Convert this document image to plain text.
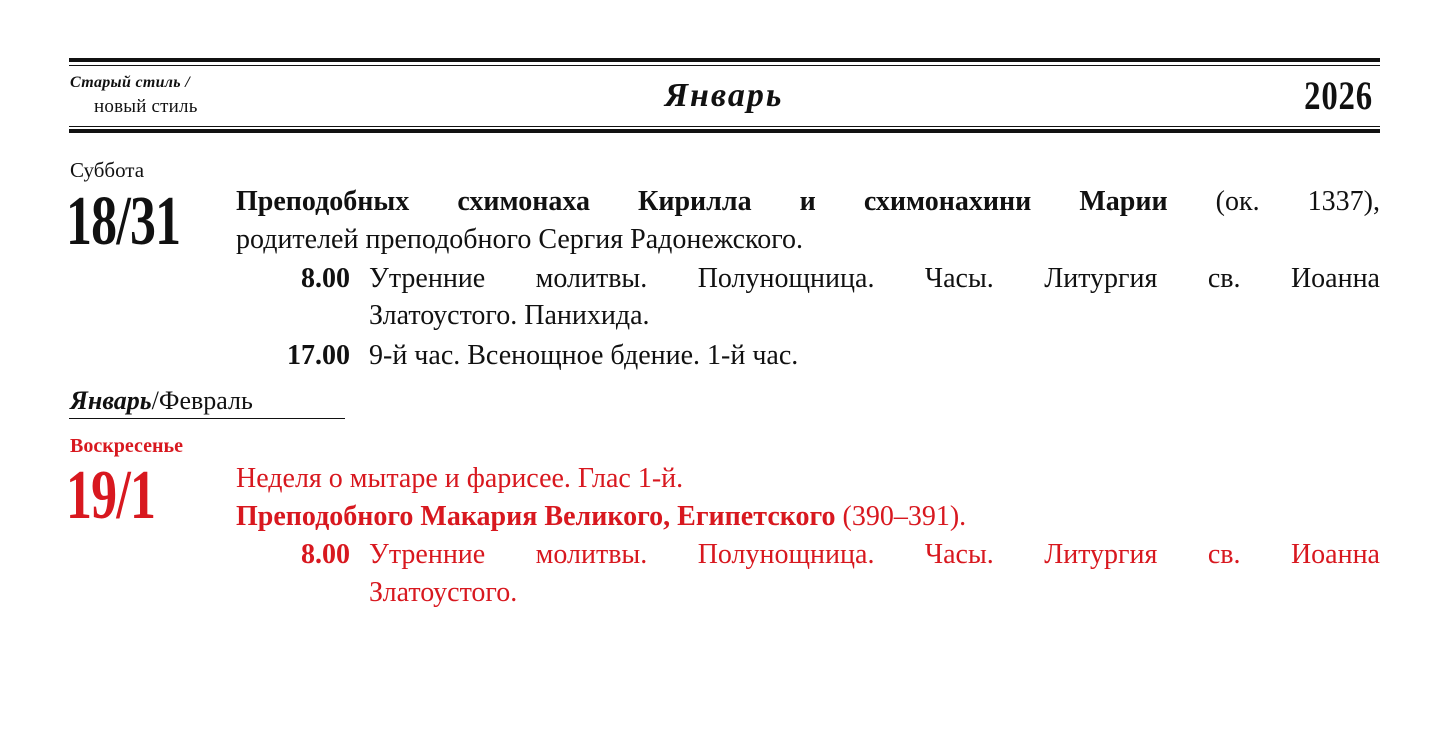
Старый стиль /
новый стиль	Январь	2026
Суббота
18/31 Преподобных схимонаха Кирилла и схимонахини Марии (ок. 1337),
родителей преподобного Сергия Радонежского.
8.00 Утренние молитвы. Полунощница. Часы. Литургия св. Иоанна
Златоустого. Панихида.
17.00 9-й час. Всенощное бдение. 1-й час.
Январь/Февраль
Воскресенье
19/1	Неделя о мытаре и фарисее. Глас 1-й.
Преподобного Макария Великого, Египетского (390–391).
8.00 Утренние молитвы. Полунощница. Часы. Литургия св. Иоанна
Златоустого.
